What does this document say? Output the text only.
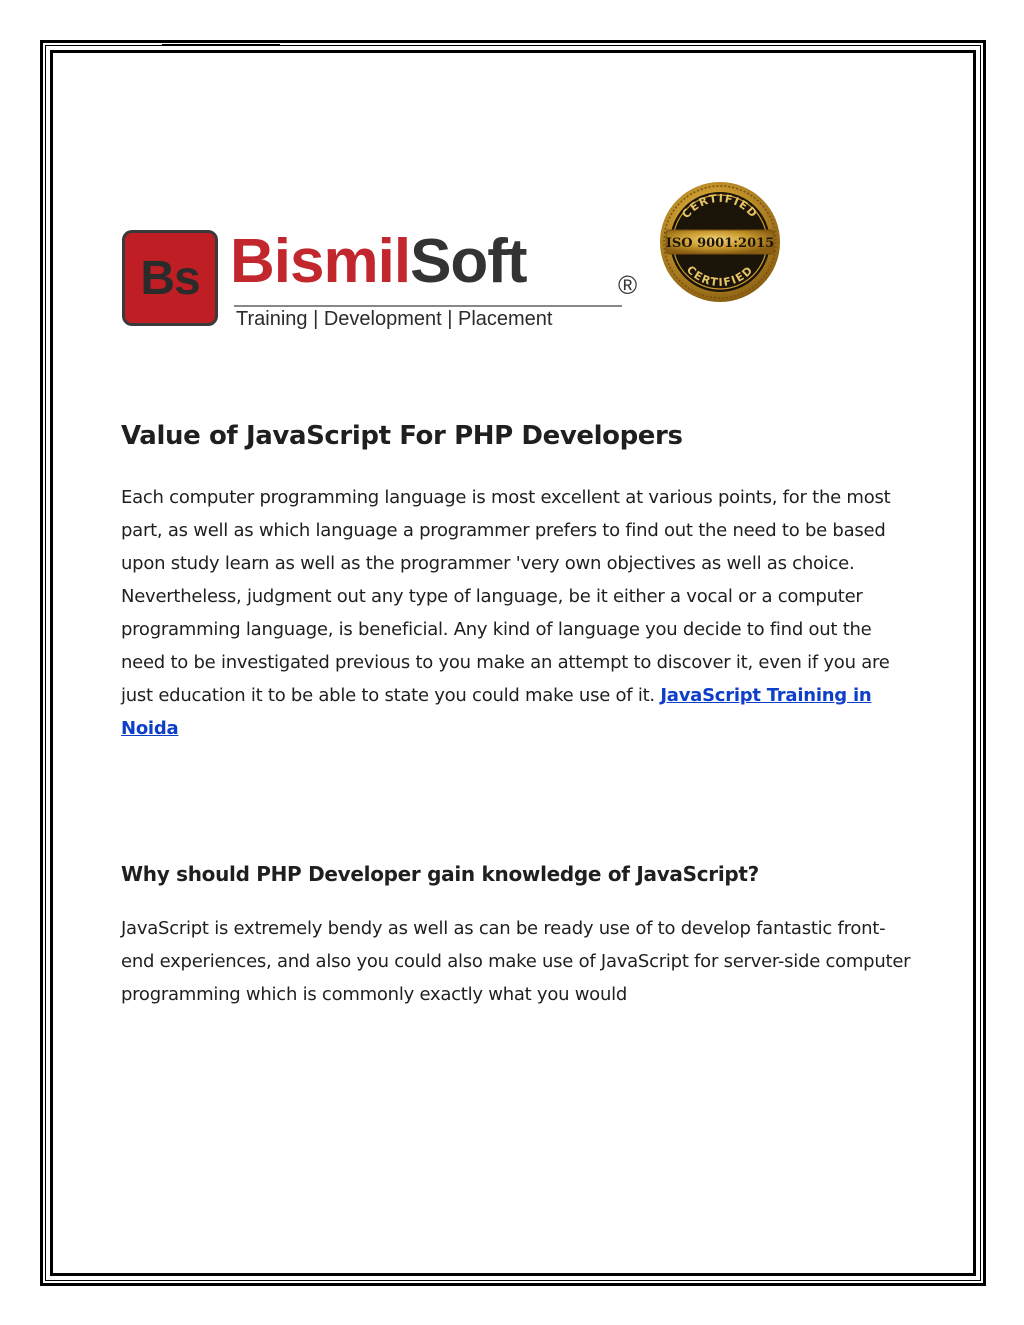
Bs BismilSoft	®
Training | Development | Placement
CERTIFIED
ISO 9001:2015
CERTIFIED
Value of JavaScript For PHP Developers

Each computer programming language is most excellent at various points, for the most part, as well as which language a programmer prefers to find out the need to be based upon study learn as well as the programmer 'very own objectives as well as choice. Nevertheless, judgment out any type of language, be it either a vocal or a computer programming language, is beneficial. Any kind of language you decide to find out the need to be investigated previous to you make an attempt to discover it, even if you are just education it to be able to state you could make use of it. JavaScript Training in Noida

Why should PHP Developer gain knowledge of JavaScript?

JavaScript is extremely bendy as well as can be ready use of to develop fantastic front-end experiences, and also you could also make use of JavaScript for server-side computer programming which is commonly exactly what you would
